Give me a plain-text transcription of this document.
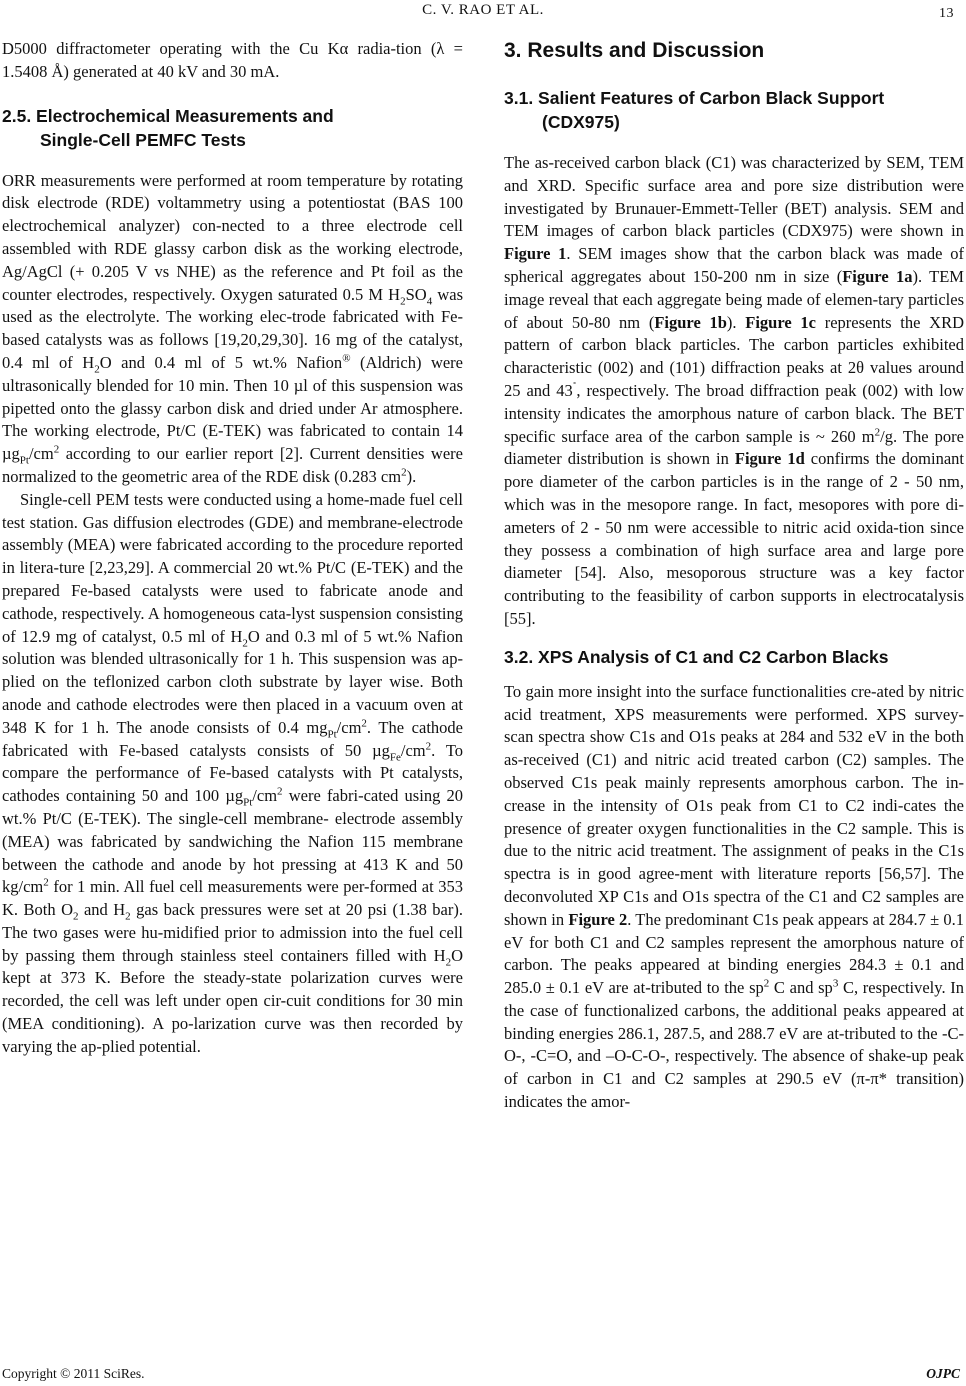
C. V. RAO ET AL.	13

D5000 diffractometer operating with the Cu Kα radia-tion (λ = 1.5408 Å) generated at 40 kV and 30 mA.

2.5. Electrochemical Measurements and
Single-Cell PEMFC Tests

ORR measurements were performed at room temperature by rotating disk electrode (RDE) voltammetry using a potentiostat (BAS 100 electrochemical analyzer) con-nected to a three electrode cell assembled with RDE glassy carbon disk as the working electrode, Ag/AgCl (+ 0.205 V vs NHE) as the reference and Pt foil as the counter electrodes, respectively. Oxygen saturated 0.5 M $H_2SO_4$ was used as the electrolyte. The working elec-trode fabricated with Fe-based catalysts was as follows [19,20,29,30]. 16 mg of the catalyst, 0.4 ml of $H_2O$ and 0.4 ml of 5 wt.% Nafion® (Aldrich) were ultrasonically blended for 10 min. Then 10 µl of this suspension was pipetted onto the glassy carbon disk and dried under Ar atmosphere. The working electrode, Pt/C (E-TEK) was fabricated to contain 14 $\mu g_{Pt}/cm^2$ according to our earlier report [2]. Current densities were normalized to the geometric area of the RDE disk (0.283 $cm^2$).

Single-cell PEM tests were conducted using a home-made fuel cell test station. Gas diffusion electrodes (GDE) and membrane-electrode assembly (MEA) were fabricated according to the procedure reported in litera-ture [2,23,29]. A commercial 20 wt.% Pt/C (E-TEK) and the prepared Fe-based catalysts were used to fabricate anode and cathode, respectively. A homogeneous cata-lyst suspension consisting of 12.9 mg of catalyst, 0.5 ml of $H_2O$ and 0.3 ml of 5 wt.% Nafion solution was blended ultrasonically for 1 h. This suspension was ap-plied on the teflonized carbon cloth substrate by layer wise. Both anode and cathode electrodes were then placed in a vacuum oven at 348 K for 1 h. The anode consists of 0.4 $mg_{Pt}/cm^2$. The cathode fabricated with Fe-based catalysts consists of 50 $\mu g_{Fe}/cm^2$. To compare the performance of Fe-based catalysts with Pt catalysts, cathodes containing 50 and 100 $\mu g_{Pt}/cm^2$ were fabri-cated using 20 wt.% Pt/C (E-TEK). The single-cell membrane- electrode assembly (MEA) was fabricated by sandwiching the Nafion 115 membrane between the cathode and anode by hot pressing at 413 K and 50 $kg/cm^2$ for 1 min. All fuel cell measurements were per-formed at 353 K. Both $O_2$ and $H_2$ gas back pressures were set at 20 psi (1.38 bar). The two gases were hu-midified prior to admission into the fuel cell by passing them through stainless steel containers filled with $H_2O$ kept at 373 K. Before the steady-state polarization curves were recorded, the cell was left under open cir-cuit conditions for 30 min (MEA conditioning). A po-larization curve was then recorded by varying the ap-plied potential.

3. Results and Discussion
3.1. Salient Features of Carbon Black Support
(CDX975)

The as-received carbon black (C1) was characterized by SEM, TEM and XRD. Specific surface area and pore size distribution were investigated by Brunauer-Emmett-Teller (BET) analysis. SEM and TEM images of carbon black particles (CDX975) were shown in Figure 1. SEM images show that the carbon black was made of spherical aggregates about 150-200 nm in size (Figure 1a). TEM image reveal that each aggregate being made of elemen-tary particles of about 50-80 nm (Figure 1b). Figure 1c represents the XRD pattern of carbon black particles. The carbon particles exhibited characteristic (002) and (101) diffraction peaks at 2θ values around 25 and 43˚, respectively. The broad diffraction peak (002) with low intensity indicates the amorphous nature of carbon black. The BET specific surface area of the carbon sample is ~ 260 $m^2/g$. The pore diameter distribution is shown in Figure 1d confirms the dominant pore diameter of the carbon particles is in the range of 2 - 50 nm, which was in the mesopore range. In fact, mesopores with pore di-ameters of 2 - 50 nm were accessible to nitric acid oxida-tion since they possess a combination of high surface area and large pore diameter [54]. Also, mesoporous structure was a key factor contributing to the feasibility of carbon supports in electrocatalysis [55].

3.2. XPS Analysis of C1 and C2 Carbon Blacks

To gain more insight into the surface functionalities cre-ated by nitric acid treatment, XPS measurements were performed. XPS survey-scan spectra show C1s and O1s peaks at 284 and 532 eV in the both as-received (C1) and nitric acid treated carbon (C2) samples. The observed C1s peak mainly represents amorphous carbon. The in-crease in the intensity of O1s peak from C1 to C2 indi-cates the presence of greater oxygen functionalities in the C2 sample. This is due to the nitric acid treatment. The assignment of peaks in the C1s spectra is in good agree-ment with literature reports [56,57]. The deconvoluted XP C1s and O1s spectra of the C1 and C2 samples are shown in Figure 2. The predominant C1s peak appears at 284.7 ± 0.1 eV for both C1 and C2 samples represent the amorphous nature of carbon. The peaks appeared at binding energies 284.3 ± 0.1 and 285.0 ± 0.1 eV are at-tributed to the $sp^2$ C and $sp^3$ C, respectively. In the case of functionalized carbons, the additional peaks appeared at binding energies 286.1, 287.5, and 288.7 eV are at-tributed to the -C-O-, -C=O, and –O-C-O-, respectively. The absence of shake-up peak of carbon in C1 and C2 samples at 290.5 eV (π-π* transition) indicates the amor-

Copyright © 2011 SciRes.	OJPC
